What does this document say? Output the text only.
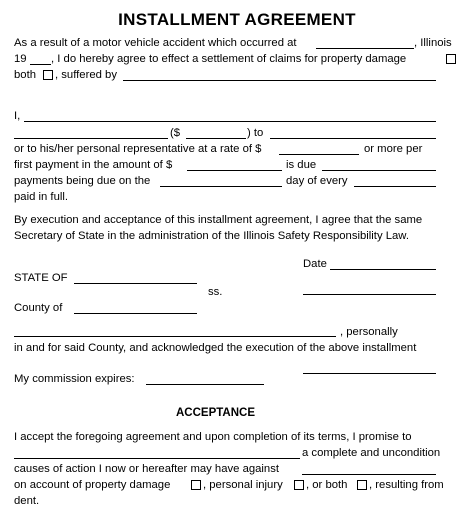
INSTALLMENT AGREEMENT
As a result of a motor vehicle accident which occurred at	, Illinois
19 , I do hereby agree to effect a settlement of claims for property damage
both , suffered by
I,
($	) to
or to his/her personal representative at a rate of $	or more per
first payment in the amount of $	is due
payments being due on the	day of every
paid in full.
By execution and acceptance of this installment agreement, I agree that the same
Secretary of State in the administration of the Illinois Safety Responsibility Law.
Date
STATE OF
ss.
County of
, personally
in and for said County, and acknowledged the execution of the above installment
My commission expires:
ACCEPTANCE
I accept the foregoing agreement and upon completion of its terms, I promise to
a complete and uncondition
causes of action I now or hereafter may have against
on account of property damage	, personal injury , or both , resulting from
dent.
